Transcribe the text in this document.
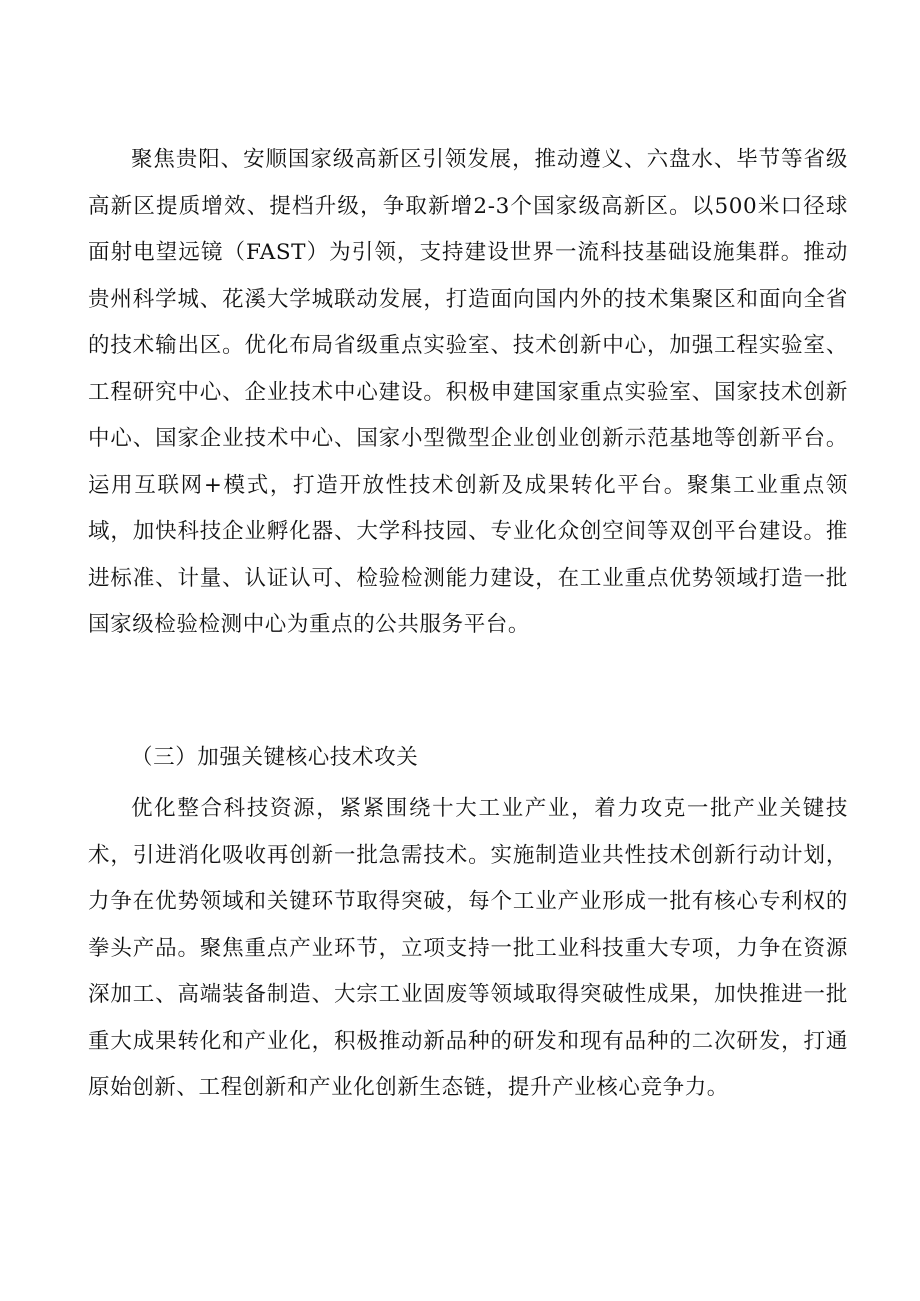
聚焦贵阳、安顺国家级高新区引领发展，推动遵义、六盘水、毕节等省级高新区提质增效、提档升级，争取新增2-3个国家级高新区。以500米口径球面射电望远镜（FAST）为引领，支持建设世界一流科技基础设施集群。推动贵州科学城、花溪大学城联动发展，打造面向国内外的技术集聚区和面向全省的技术输出区。优化布局省级重点实验室、技术创新中心，加强工程实验室、工程研究中心、企业技术中心建设。积极申建国家重点实验室、国家技术创新中心、国家企业技术中心、国家小型微型企业创业创新示范基地等创新平台。运用互联网+模式，打造开放性技术创新及成果转化平台。聚集工业重点领域，加快科技企业孵化器、大学科技园、专业化众创空间等双创平台建设。推进标准、计量、认证认可、检验检测能力建设，在工业重点优势领域打造一批国家级检验检测中心为重点的公共服务平台。

（三）加强关键核心技术攻关

优化整合科技资源，紧紧围绕十大工业产业，着力攻克一批产业关键技术，引进消化吸收再创新一批急需技术。实施制造业共性技术创新行动计划，力争在优势领域和关键环节取得突破，每个工业产业形成一批有核心专利权的拳头产品。聚焦重点产业环节，立项支持一批工业科技重大专项，力争在资源深加工、高端装备制造、大宗工业固废等领域取得突破性成果，加快推进一批重大成果转化和产业化，积极推动新品种的研发和现有品种的二次研发，打通原始创新、工程创新和产业化创新生态链，提升产业核心竞争力。
